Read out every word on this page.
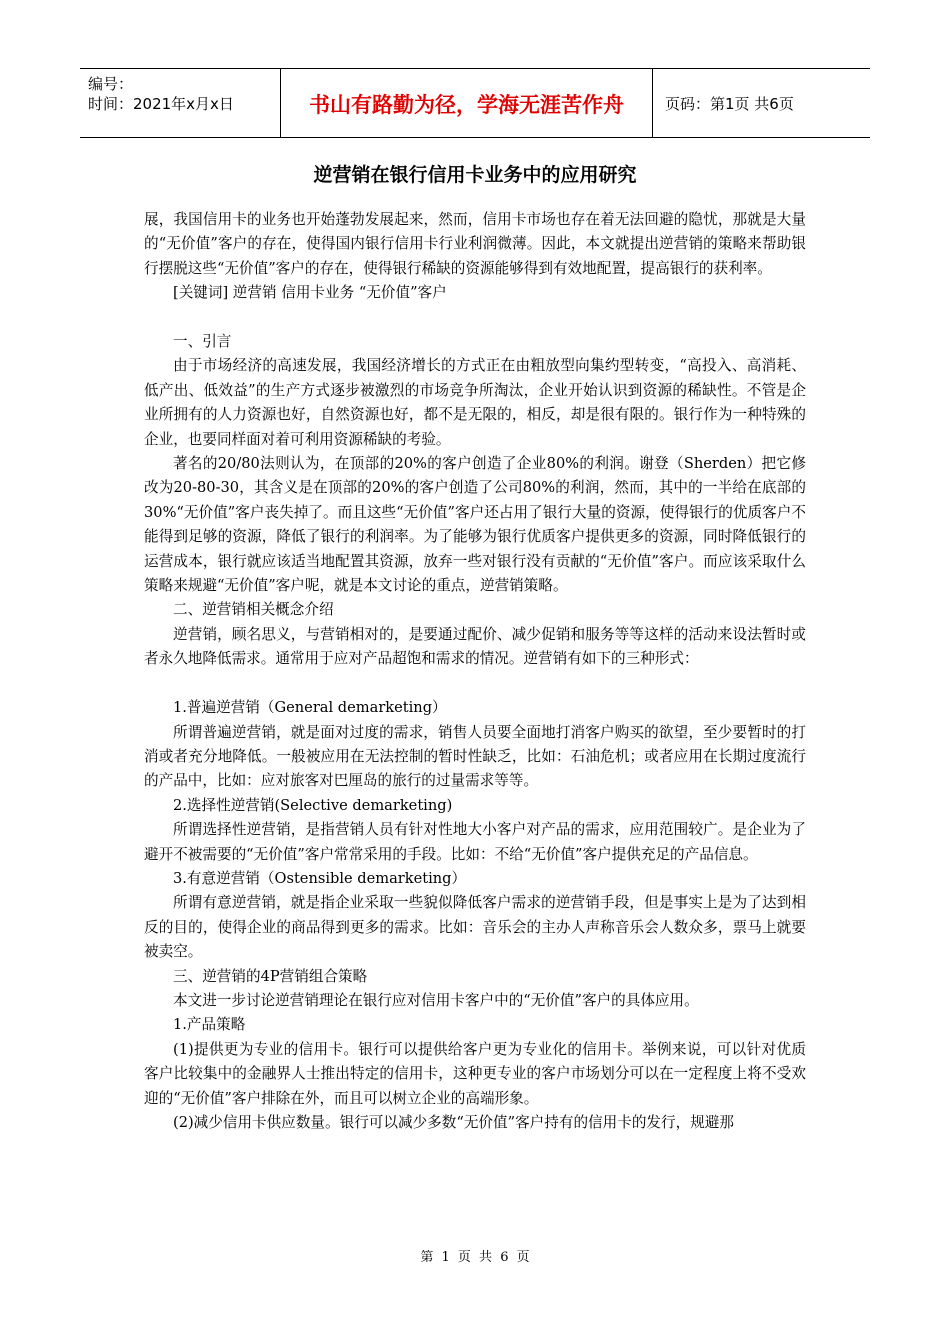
编号：
时间：2021年x月x日	书山有路勤为径，学海无涯苦作舟	页码：第1页 共6页
逆营销在银行信用卡业务中的应用研究

展，我国信用卡的业务也开始蓬勃发展起来，然而，信用卡市场也存在着无法回避的隐忧，那就是大量的“无价值”客户的存在，使得国内银行信用卡行业利润微薄。因此，本文就提出逆营销的策略来帮助银行摆脱这些“无价值”客户的存在，使得银行稀缺的资源能够得到有效地配置，提高银行的获利率。

[关键词] 逆营销 信用卡业务 “无价值”客户

一、引言

由于市场经济的高速发展，我国经济增长的方式正在由粗放型向集约型转变，“高投入、高消耗、低产出、低效益”的生产方式逐步被激烈的市场竞争所淘汰，企业开始认识到资源的稀缺性。不管是企业所拥有的人力资源也好，自然资源也好，都不是无限的，相反，却是很有限的。银行作为一种特殊的企业，也要同样面对着可利用资源稀缺的考验。

著名的20/80法则认为，在顶部的20%的客户创造了企业80%的利润。谢登（Sherden）把它修改为20-80-30，其含义是在顶部的20%的客户创造了公司80%的利润，然而，其中的一半给在底部的30%“无价值”客户丧失掉了。而且这些“无价值”客户还占用了银行大量的资源，使得银行的优质客户不能得到足够的资源，降低了银行的利润率。为了能够为银行优质客户提供更多的资源，同时降低银行的运营成本，银行就应该适当地配置其资源，放弃一些对银行没有贡献的“无价值”客户。而应该采取什么策略来规避“无价值”客户呢，就是本文讨论的重点，逆营销策略。

二、逆营销相关概念介绍

逆营销，顾名思义，与营销相对的，是要通过配价、减少促销和服务等等这样的活动来设法暂时或者永久地降低需求。通常用于应对产品超饱和需求的情况。逆营销有如下的三种形式：

1.普遍逆营销（General demarketing）

所谓普遍逆营销，就是面对过度的需求，销售人员要全面地打消客户购买的欲望，至少要暂时的打消或者充分地降低。一般被应用在无法控制的暂时性缺乏，比如：石油危机；或者应用在长期过度流行的产品中，比如：应对旅客对巴厘岛的旅行的过量需求等等。

2.选择性逆营销(Selective demarketing)

所谓选择性逆营销，是指营销人员有针对性地大小客户对产品的需求，应用范围较广。是企业为了避开不被需要的“无价值”客户常常采用的手段。比如：不给“无价值”客户提供充足的产品信息。

3.有意逆营销（Ostensible demarketing）

所谓有意逆营销，就是指企业采取一些貌似降低客户需求的逆营销手段，但是事实上是为了达到相反的目的，使得企业的商品得到更多的需求。比如：音乐会的主办人声称音乐会人数众多，票马上就要被卖空。

三、逆营销的4P营销组合策略

本文进一步讨论逆营销理论在银行应对信用卡客户中的“无价值”客户的具体应用。

1.产品策略

(1)提供更为专业的信用卡。银行可以提供给客户更为专业化的信用卡。举例来说，可以针对优质客户比较集中的金融界人士推出特定的信用卡，这种更专业的客户市场划分可以在一定程度上将不受欢迎的“无价值”客户排除在外，而且可以树立企业的高端形象。

(2)减少信用卡供应数量。银行可以减少多数“无价值”客户持有的信用卡的发行，规避那

第 1 页 共 6 页
